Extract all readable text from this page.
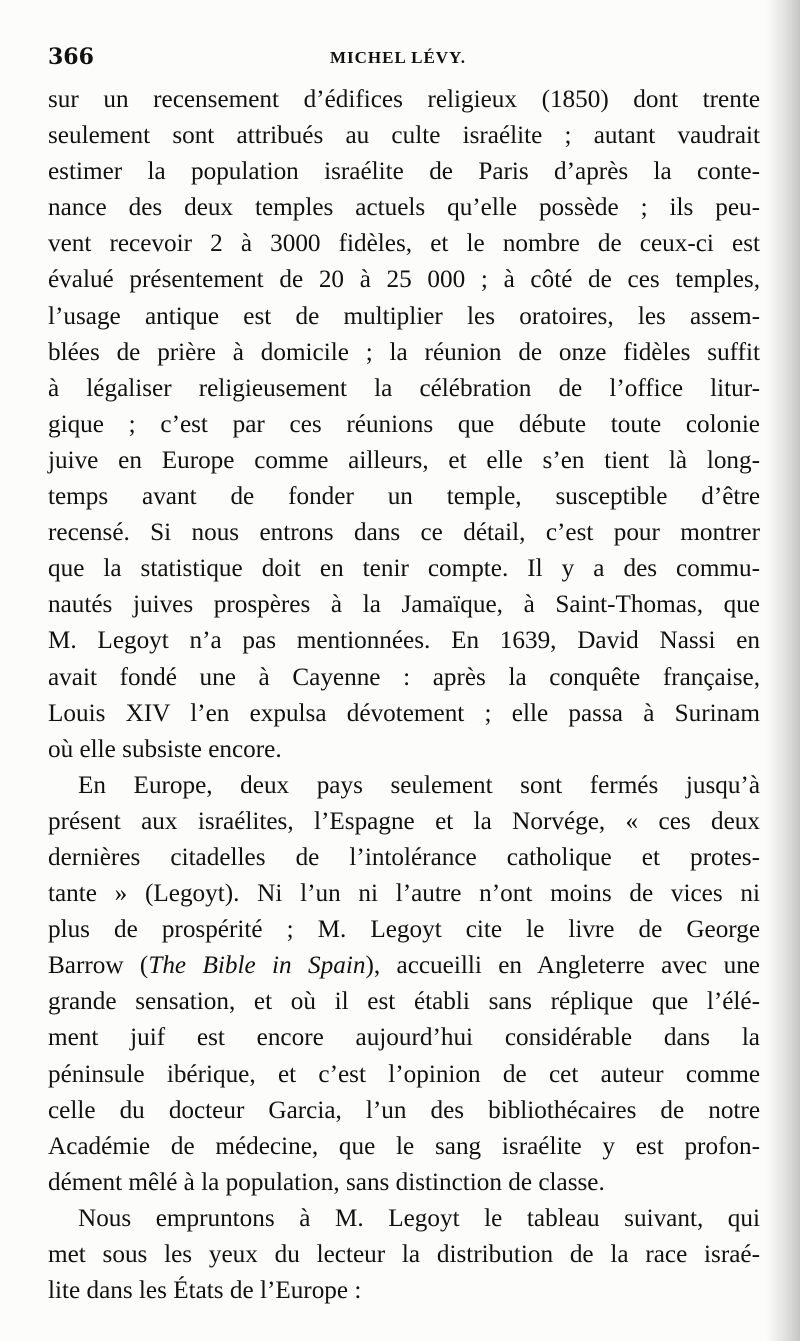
366	MICHEL LÉVY.
sur un recensement d’édifices religieux (1850) dont trente
seulement sont attribués au culte israélite ; autant vaudrait
estimer la population israélite de Paris d’après la conte-
nance des deux temples actuels qu’elle possède ; ils peu-
vent recevoir 2 à 3000 fidèles, et le nombre de ceux-ci est
évalué présentement de 20 à 25 000 ; à côté de ces temples,
l’usage antique est de multiplier les oratoires, les assem-
blées de prière à domicile ; la réunion de onze fidèles suffit
à légaliser religieusement la célébration de l’office litur-
gique ; c’est par ces réunions que débute toute colonie
juive en Europe comme ailleurs, et elle s’en tient là long-
temps avant de fonder un temple, susceptible d’être
recensé. Si nous entrons dans ce détail, c’est pour montrer
que la statistique doit en tenir compte. Il y a des commu-
nautés juives prospères à la Jamaïque, à Saint-Thomas, que
M. Legoyt n’a pas mentionnées. En 1639, David Nassi en
avait fondé une à Cayenne : après la conquête française,
Louis XIV l’en expulsa dévotement ; elle passa à Surinam
où elle subsiste encore.
En Europe, deux pays seulement sont fermés jusqu’à
présent aux israélites, l’Espagne et la Norvége, « ces deux
dernières citadelles de l’intolérance catholique et protes-
tante » (Legoyt). Ni l’un ni l’autre n’ont moins de vices ni
plus de prospérité ; M. Legoyt cite le livre de George
Barrow (The Bible in Spain), accueilli en Angleterre avec une
grande sensation, et où il est établi sans réplique que l’élé-
ment juif est encore aujourd’hui considérable dans la
péninsule ibérique, et c’est l’opinion de cet auteur comme
celle du docteur Garcia, l’un des bibliothécaires de notre
Académie de médecine, que le sang israélite y est profon-
dément mêlé à la population, sans distinction de classe.
Nous empruntons à M. Legoyt le tableau suivant, qui
met sous les yeux du lecteur la distribution de la race israé-
lite dans les États de l’Europe :
